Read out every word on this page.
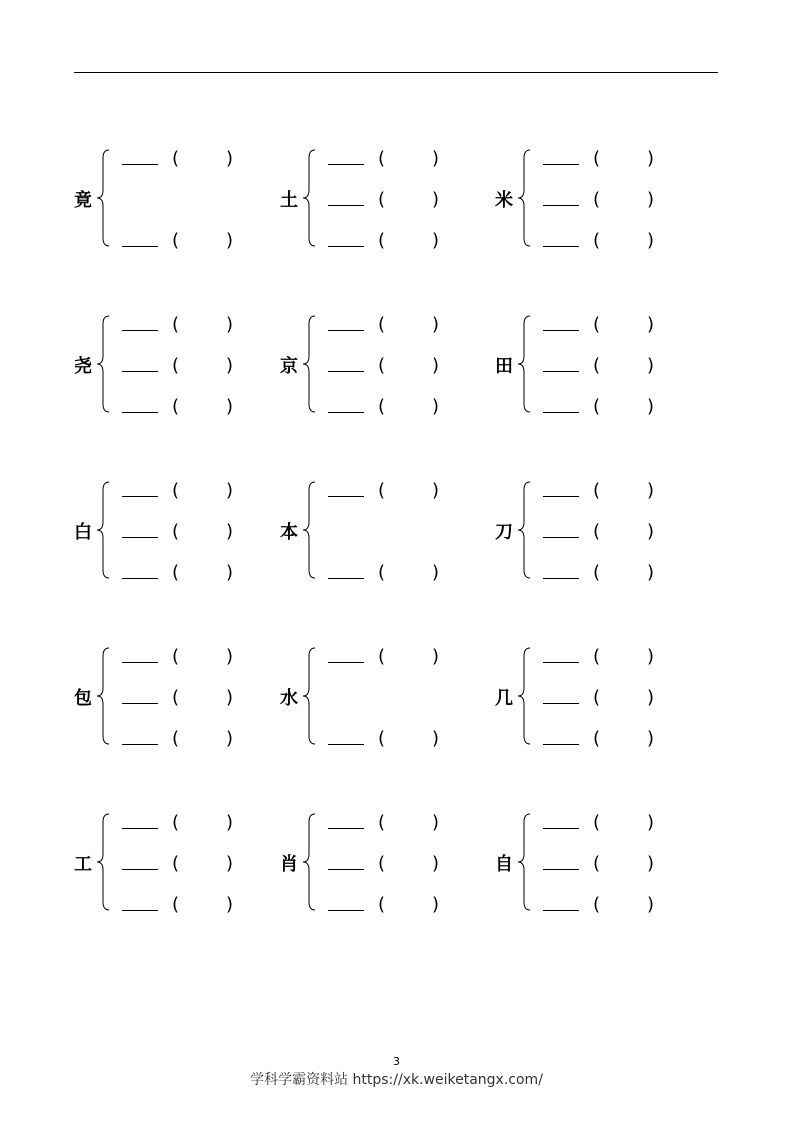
竟
(	)
(	)
土
(	)
(	)
(	)
米
(	)
(	)
(	)
尧
(	)
(	)
(	)
京
(	)
(	)
(	)
田
(	)
(	)
(	)
白
(	)
(	)
(	)
本
(	)
(	)
刀
(	)
(	)
(	)
包
(	)
(	)
(	)
水
(	)
(	)
几
(	)
(	)
(	)
工
(	)
(	)
(	)
肖
(	)
(	)
(	)
自
(	)
(	)
(	)
3
学科学霸资料站 https://xk.weiketangx.com/
